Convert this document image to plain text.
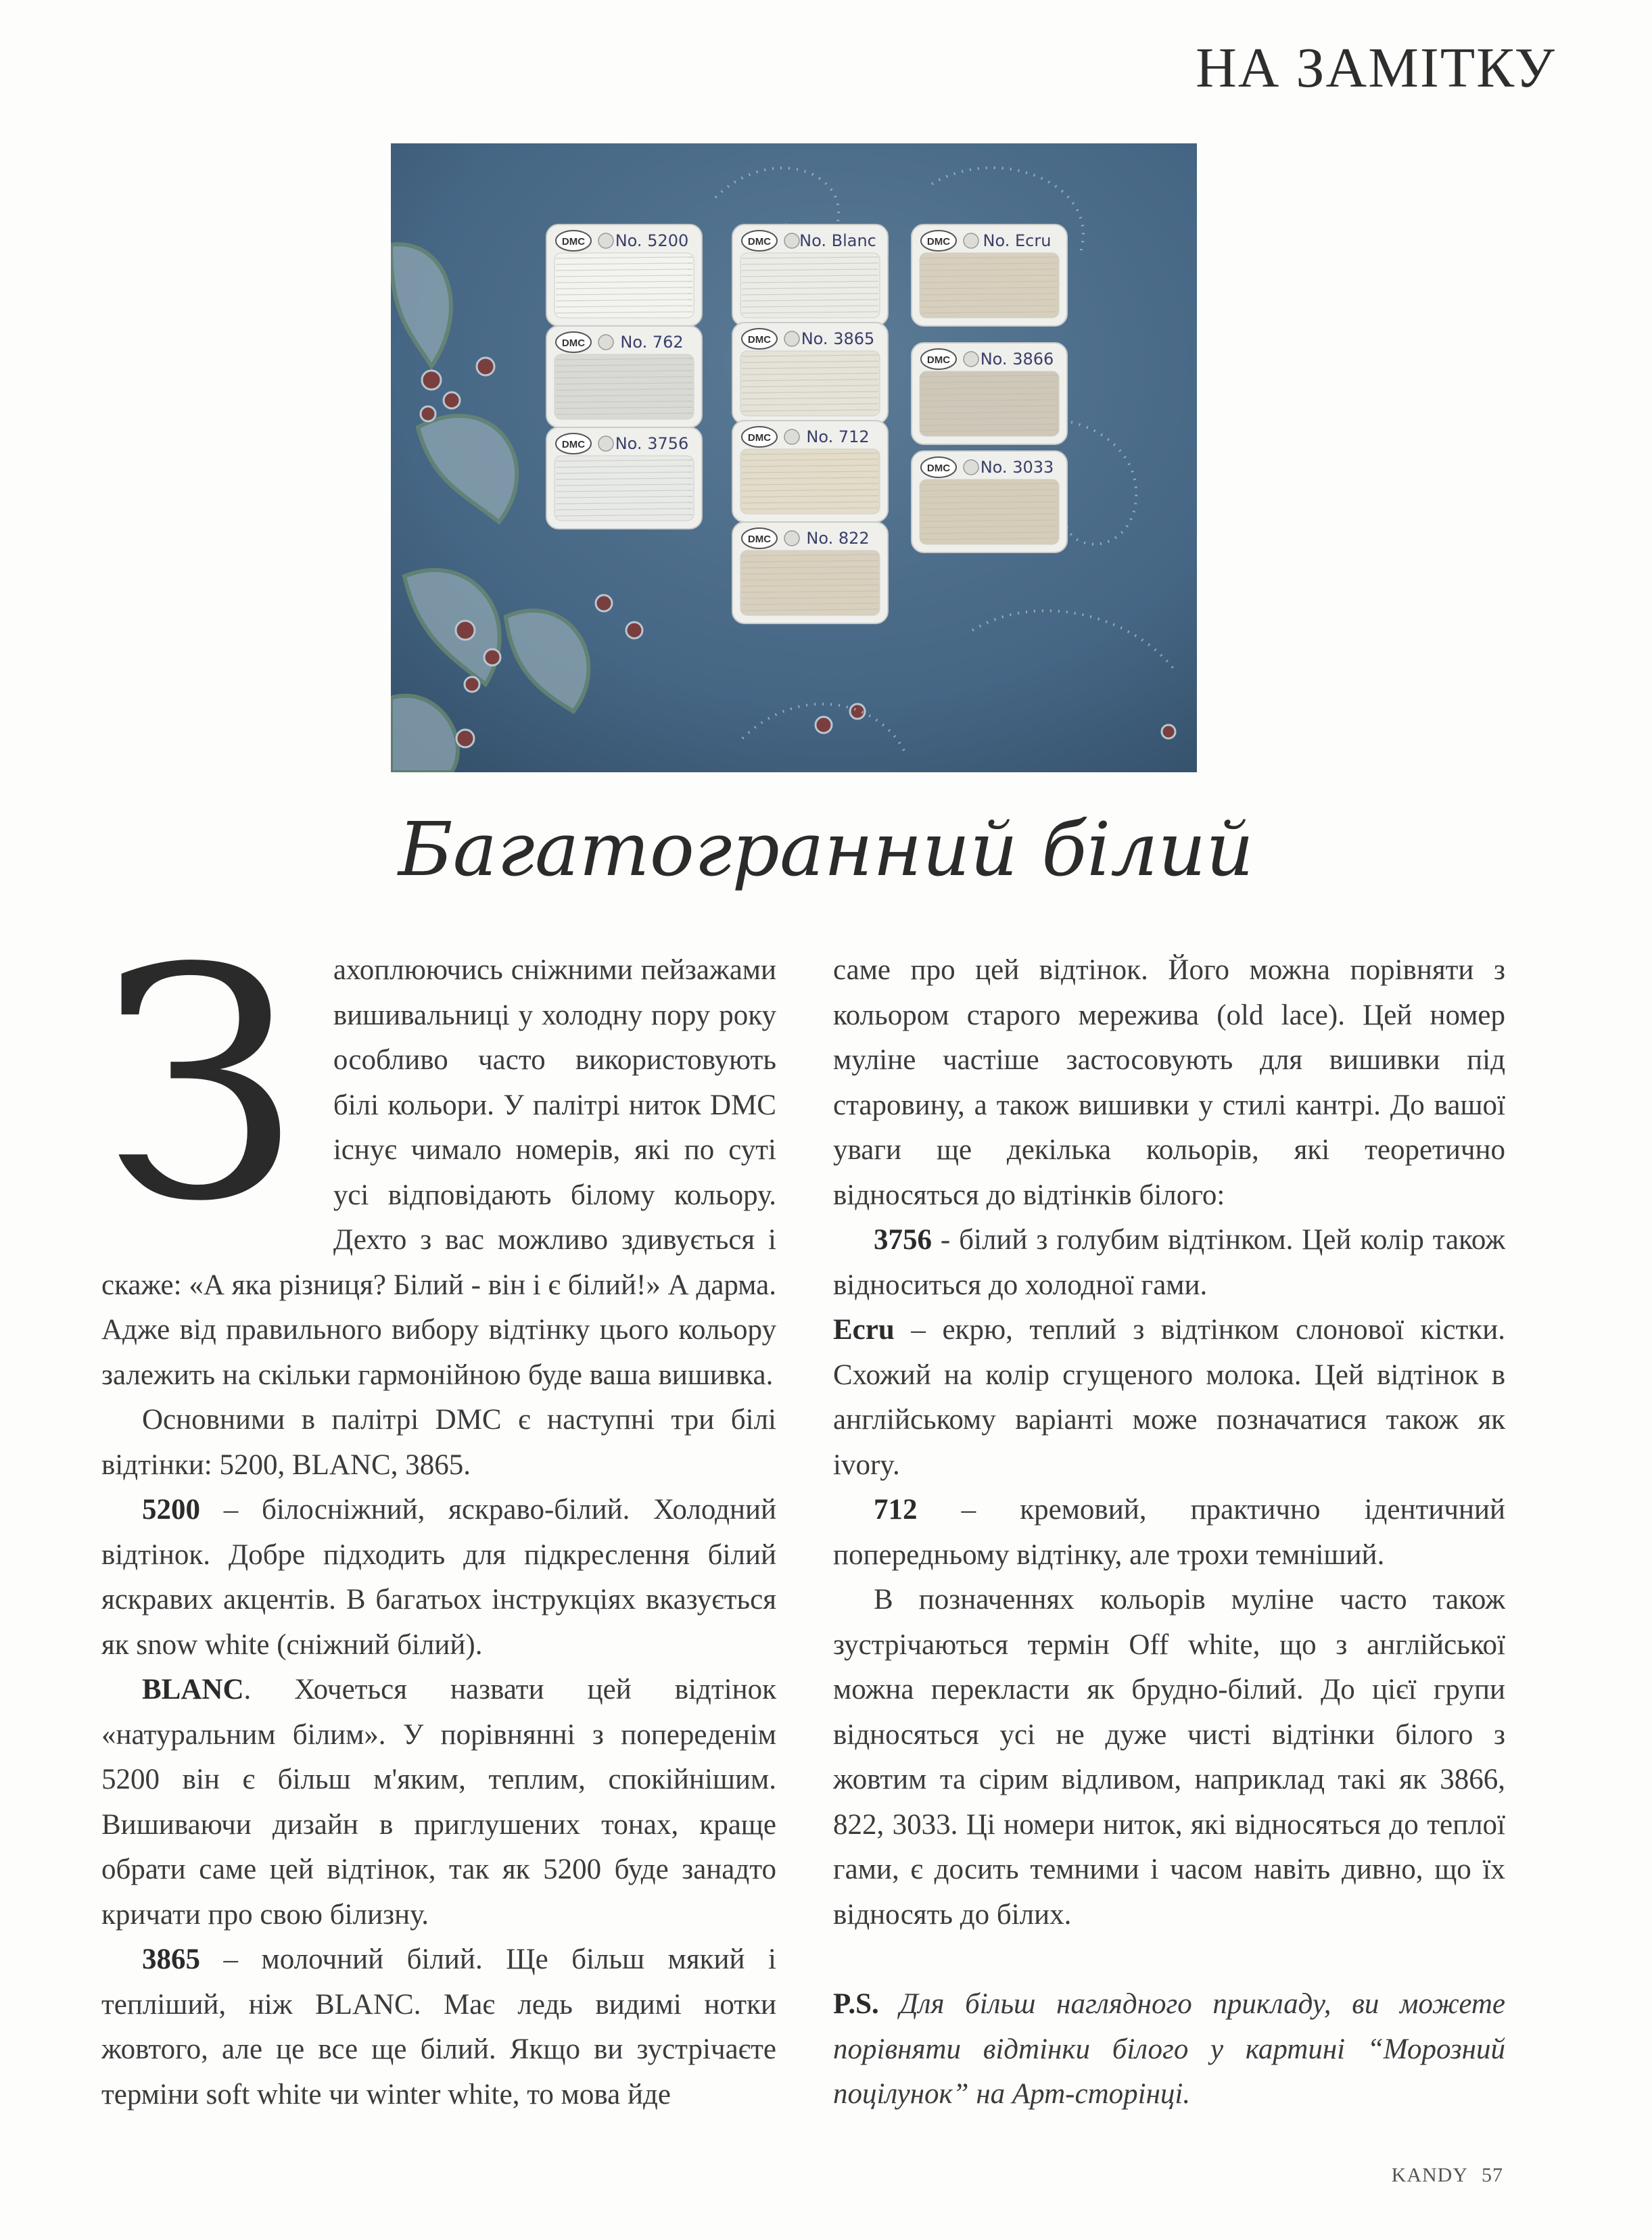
НА ЗАМІТКУ
DMC No. 5200
DMC No. 762
DMC No. 3756
DMC No. Blanc
DMC No. 3865
DMC No. 712
DMC No. 822
DMC No. Ecru
DMC No. 3866
DMC No. 3033
Багатогранний білий

З ахоплюючись сніжними пейзажами вишивальниці у холодну пору року особливо часто використовують білі кольори. У палітрі ниток DMC існує чимало номерів, які по суті усі відповідають білому кольору. Дехто з вас можливо здивується і скаже: «А яка різниця? Білий - він і є білий!» А дарма. Адже від правильного вибору відтінку цього кольору залежить на скільки гармонійною буде ваша вишивка.

Основними в палітрі DMC є наступні три білі відтінки: 5200, BLANC, 3865.

5200 – білосніжний, яскраво-білий. Холодний відтінок. Добре підходить для підкреслення білий яскравих акцентів. В багатьох інструкціях вказується як snow white (сніжний білий).

BLANC. Хочеться назвати цей відтінок «натуральним білим». У порівнянні з попереденім 5200 він є більш м'яким, теплим, спокійнішим. Вишиваючи дизайн в приглушених тонах, краще обрати саме цей відтінок, так як 5200 буде занадто кричати про свою білизну.

3865 – молочний білий. Ще більш мякий і тепліший, ніж BLANC. Має ледь видимі нотки жовтого, але це все ще білий. Якщо ви зустрічаєте терміни soft white чи winter white, то мова йде

саме про цей відтінок. Його можна порівняти з кольором старого мережива (old lace). Цей номер муліне частіше застосовують для вишивки під старовину, а також вишивки у стилі кантрі. До вашої уваги ще декілька кольорів, які теоретично відносяться до відтінків білого:

3756 - білий з голубим відтінком. Цей колір також відноситься до холодної гами.

Ecru – екрю, теплий з відтінком слонової кістки. Схожий на колір сгущеного молока. Цей відтінок в англійському варіанті може позначатися також як ivory.

712 – кремовий, практично ідентичний попередньому відтінку, але трохи темніший.

В позначеннях кольорів муліне часто також зустрічаються термін Off white, що з англійської можна перекласти як брудно-білий. До цієї групи відносяться усі не дуже чисті відтінки білого з жовтим та сірим відливом, наприклад такі як 3866, 822, 3033. Ці номери ниток, які відносяться до теплої гами, є досить темними і часом навіть дивно, що їх відносять до білих.

P.S. Для більш наглядного прикладу, ви можете порівняти відтінки білого у картині “Морозний поцілунок” на Арт-сторінці.

KANDY 57
